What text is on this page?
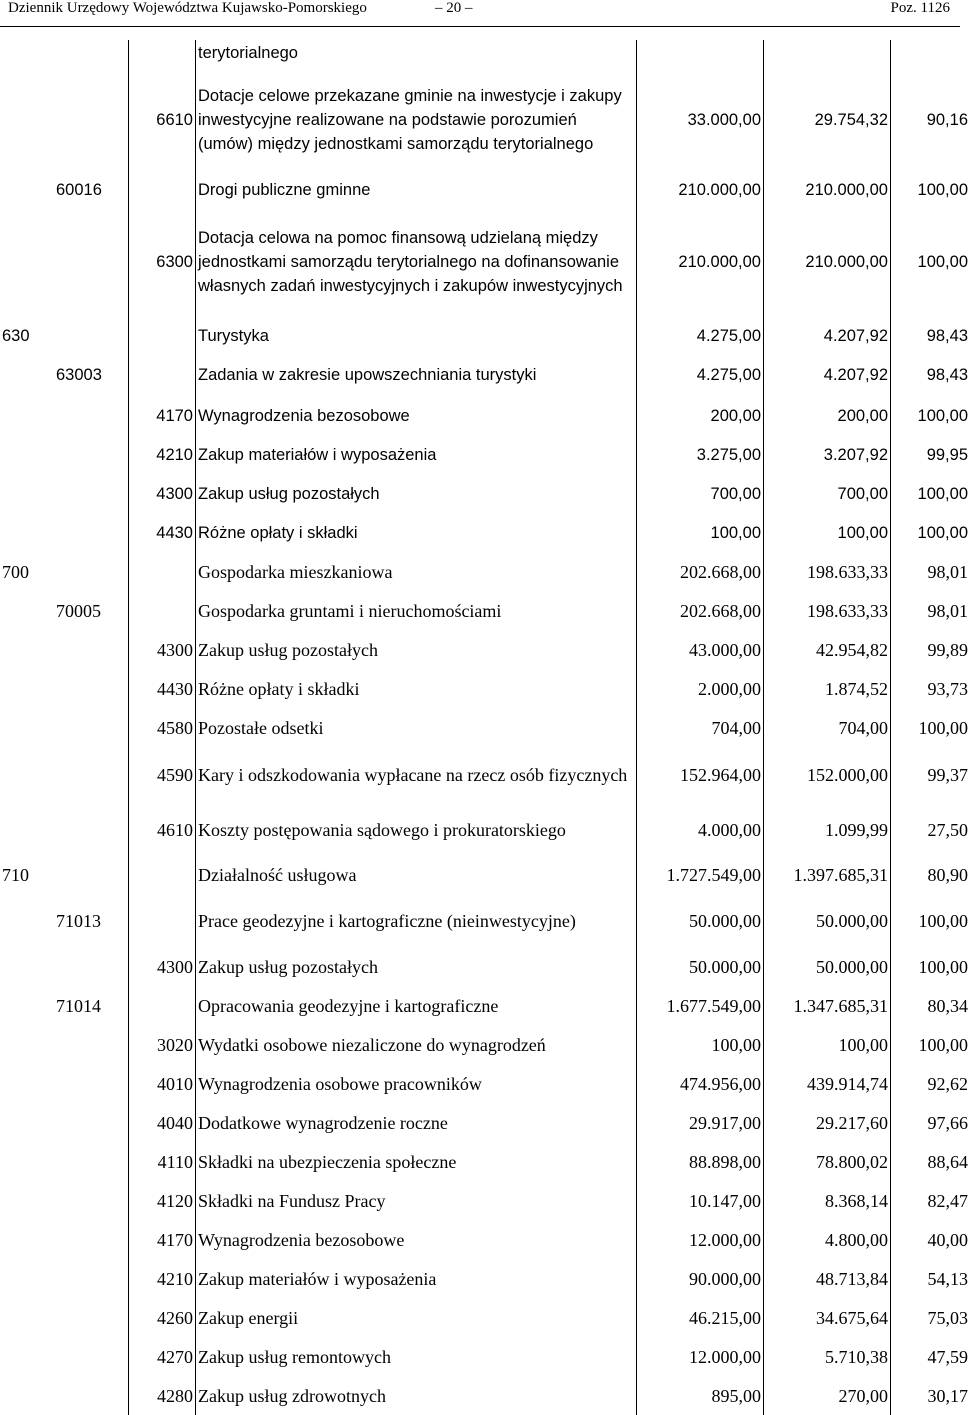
Dziennik Urzędowy Województwa Kujawsko-Pomorskiego	– 20 –	Poz. 1126
			terytorialnego			
		6610	Dotacje celowe przekazane gminie na inwestycje i zakupy inwestycyjne realizowane na podstawie porozumień (umów) między jednostkami samorządu terytorialnego	33.000,00	29.754,32	90,16
	60016		Drogi publiczne gminne	210.000,00	210.000,00	100,00
		6300	Dotacja celowa na pomoc finansową udzielaną między jednostkami samorządu terytorialnego na dofinansowanie własnych zadań inwestycyjnych i zakupów inwestycyjnych	210.000,00	210.000,00	100,00
630			Turystyka	4.275,00	4.207,92	98,43
	63003		Zadania w zakresie upowszechniania turystyki	4.275,00	4.207,92	98,43
		4170	Wynagrodzenia bezosobowe	200,00	200,00	100,00
		4210	Zakup materiałów i wyposażenia	3.275,00	3.207,92	99,95
		4300	Zakup usług pozostałych	700,00	700,00	100,00
		4430	Różne opłaty i składki	100,00	100,00	100,00
700			Gospodarka mieszkaniowa	202.668,00	198.633,33	98,01
	70005		Gospodarka gruntami i nieruchomościami	202.668,00	198.633,33	98,01
		4300	Zakup usług pozostałych	43.000,00	42.954,82	99,89
		4430	Różne opłaty i składki	2.000,00	1.874,52	93,73
		4580	Pozostałe odsetki	704,00	704,00	100,00
		4590	Kary i odszkodowania wypłacane na rzecz osób fizycznych	152.964,00	152.000,00	99,37
		4610	Koszty postępowania sądowego i prokuratorskiego	4.000,00	1.099,99	27,50
710			Działalność usługowa	1.727.549,00	1.397.685,31	80,90
	71013		Prace geodezyjne i kartograficzne (nieinwestycyjne)	50.000,00	50.000,00	100,00
		4300	Zakup usług pozostałych	50.000,00	50.000,00	100,00
	71014		Opracowania geodezyjne i kartograficzne	1.677.549,00	1.347.685,31	80,34
		3020	Wydatki osobowe niezaliczone do wynagrodzeń	100,00	100,00	100,00
		4010	Wynagrodzenia osobowe pracowników	474.956,00	439.914,74	92,62
		4040	Dodatkowe wynagrodzenie roczne	29.917,00	29.217,60	97,66
		4110	Składki na ubezpieczenia społeczne	88.898,00	78.800,02	88,64
		4120	Składki na Fundusz Pracy	10.147,00	8.368,14	82,47
		4170	Wynagrodzenia bezosobowe	12.000,00	4.800,00	40,00
		4210	Zakup materiałów i wyposażenia	90.000,00	48.713,84	54,13
		4260	Zakup energii	46.215,00	34.675,64	75,03
		4270	Zakup usług remontowych	12.000,00	5.710,38	47,59
		4280	Zakup usług zdrowotnych	895,00	270,00	30,17
